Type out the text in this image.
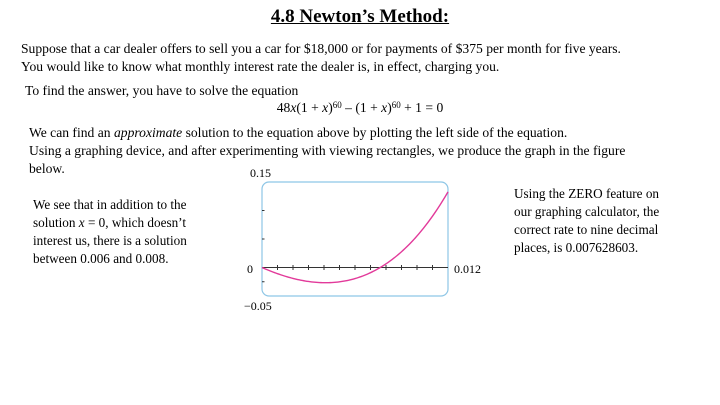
4.8 Newton’s Method:
Suppose that a car dealer offers to sell you a car for $18,000 or for payments of $375 per month for five years.
You would like to know what monthly interest rate the dealer is, in effect, charging you.
To find the answer, you have to solve the equation
$48x(1 + x)^{60} - (1 + x)^{60} + 1 = 0$
We can find an approximate solution to the equation above by plotting the left side of the equation.
Using a graphing device, and after experimenting with viewing rectangles, we produce the graph in the figure
below.
We see that in addition to the
solution x = 0, which doesn’t
interest us, there is a solution
between 0.006 and 0.008.
Using the ZERO feature on
our graphing calculator, the
correct rate to nine decimal
places, is 0.007628603.
0.15
0	0.012
−0.05
